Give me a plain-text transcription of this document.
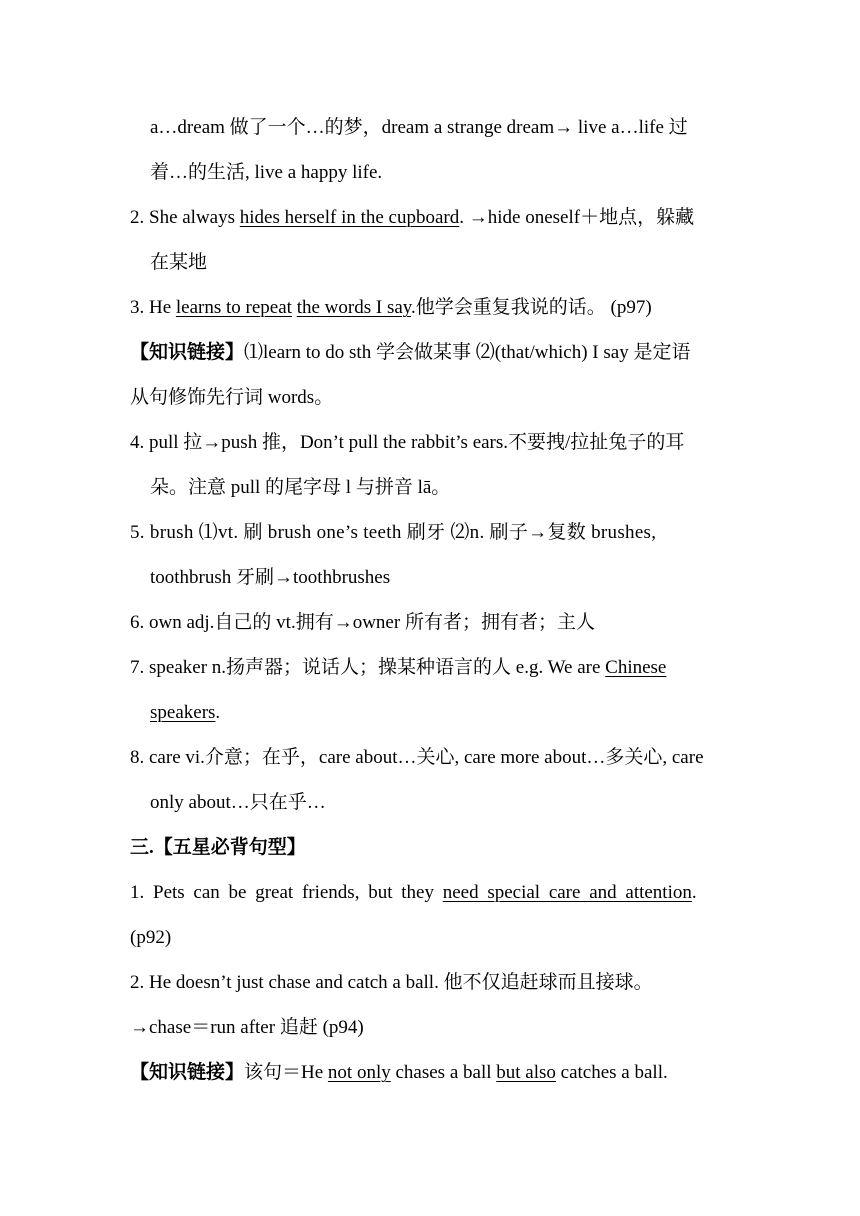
a…dream 做了一个…的梦，dream a strange dream→ live a…life 过
着…的生活, live a happy life.
2. She always hides herself in the cupboard. →hide oneself＋地点，躲藏
在某地
3. He learns to repeat the words I say.他学会重复我说的话。 (p97)
【知识链接】⑴learn to do sth 学会做某事 ⑵(that/which) I say 是定语
从句修饰先行词 words。
4. pull 拉→push 推，Don’t pull the rabbit’s ears.不要拽/拉扯兔子的耳
朵。注意 pull 的尾字母 l 与拼音 lā。
5. brush ⑴vt. 刷 brush one’s teeth 刷牙 ⑵n. 刷子→复数 brushes,
toothbrush 牙刷→toothbrushes
6. own adj.自己的 vt.拥有→owner 所有者；拥有者；主人
7. speaker n.扬声器；说话人；操某种语言的人 e.g. We are Chinese
speakers.
8. care vi.介意；在乎，care about…关心, care more about…多关心, care
only about…只在乎…
三.【五星必背句型】
1. Pets can be great friends, but they need special care and attention.
(p92)
2. He doesn’t just chase and catch a ball. 他不仅追赶球而且接球。
→chase＝run after 追赶 (p94)
【知识链接】该句＝He not only chases a ball but also catches a ball.
